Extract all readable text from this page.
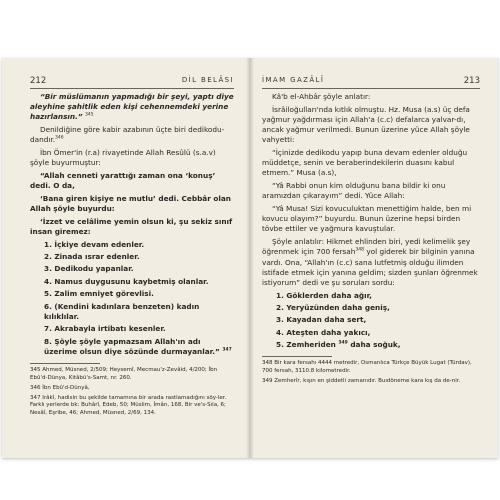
212	DİL BELÂSI

“Bir müslümanın yapmadığı bir şeyi, yaptı diye aleyhine şahitlik eden kişi cehennemdeki yerine hazırlansın.” $^{345}$

Denildiğine göre kabir azabının üçte biri dedikodu-dandır.$^{346}$

İbn Ömer'in (r.a) rivayetinde Allah Resûlü (s.a.v) şöyle buyurmuştur:

“Allah cenneti yarattığı zaman ona ‘konuş’ dedi. O da,

‘Bana giren kişiye ne mutlu’ dedi. Cebbâr olan Allah şöyle buyurdu:

‘İzzet ve celâlime yemin olsun ki, şu sekiz sınıf insan giremez:

1. İçkiye devam edenler.
2. Zinada ısrar edenler.
3. Dedikodu yapanlar.
4. Namus duygusunu kaybetmiş olanlar.
5. Zalim emniyet görevlisi.
6. (Kendini kadınlara benzeten) kadın kılıklılar.
7. Akrabayla irtibatı kesenler.
8. Şöyle şöyle yapmazsam Allah'ın adı üzerime olsun diye sözünde durmayanlar.” $^{347}$

345 Ahmed, Müsned, 2/509; Heysemî, Mecmau'z-Zevâid, 4/200; İbn Ebû'd-Dünya, Kitâbü's-Samt, nr. 260.

346 İbn Ebû'd-Dünyâ,

347 Irâkî, hadisin bu şekilde tamamına bir arada rastlamadığını söy-ler. Farklı yerlerde bk: Buhârî, Edeb, 50; Müslim, İmân, 168, Bir ve's-Sıla, 6; Nesâî, Eşribe, 46; Ahmed, Müsned, 2/69, 134.

İMAM GAZÂLÎ	213

Kâ'b el-Ahbâr şöyle anlatır:

İsrâiloğulları'nda kıtlık olmuştu. Hz. Musa (a.s) üç defa yağmur yağdırması için Allah'a (c.c) defalarca yalvar-dı, ancak yağmur verilmedi. Bunun üzerine yüce Allah şöyle vahyetti:

“İçinizde dedikodu yapıp buna devam edenler olduğu müddetçe, senin ve beraberindekilerin duasını kabul etmem.” Musa (a.s),

“Yâ Rabbi onun kim olduğunu bana bildir ki onu aramızdan çıkarayım” dedi. Yüce Allah:

“Yâ Musa! Sizi kovuculuktan menettiğim halde, ben mi kovucu olayım?” buyurdu. Bunun üzerine hepsi birden tövbe ettiler ve yağmura kavuştular.

Şöyle anlatılır: Hikmet ehlinden biri, yedi kelimelik şey öğrenmek için 700 fersah$^{348}$ yol giderek bir bilginin yanına vardı. Ona, “Allah'ın (c.c) sana lutfetmiş olduğu ilimden istifade etmek için yanına geldim; sizden şunları öğrenmek istiyorum” dedi ve şu soruları sordu:

1. Göklerden daha ağır,
2. Yeryüzünden daha geniş,
3. Kayadan daha sert,
4. Ateşten daha yakıcı,
5. Zemheriden $^{349}$ daha soğuk,

348 Bir kara fersahı 4444 metredir, Osmanlıca Türkçe Büyük Lugat (Türdav), 700 fersah, 3110.8 kilometredir.

349 Zemherîr, kışın en şiddetli zamanıdır. Buıdöneme kara kış da de-nir.
